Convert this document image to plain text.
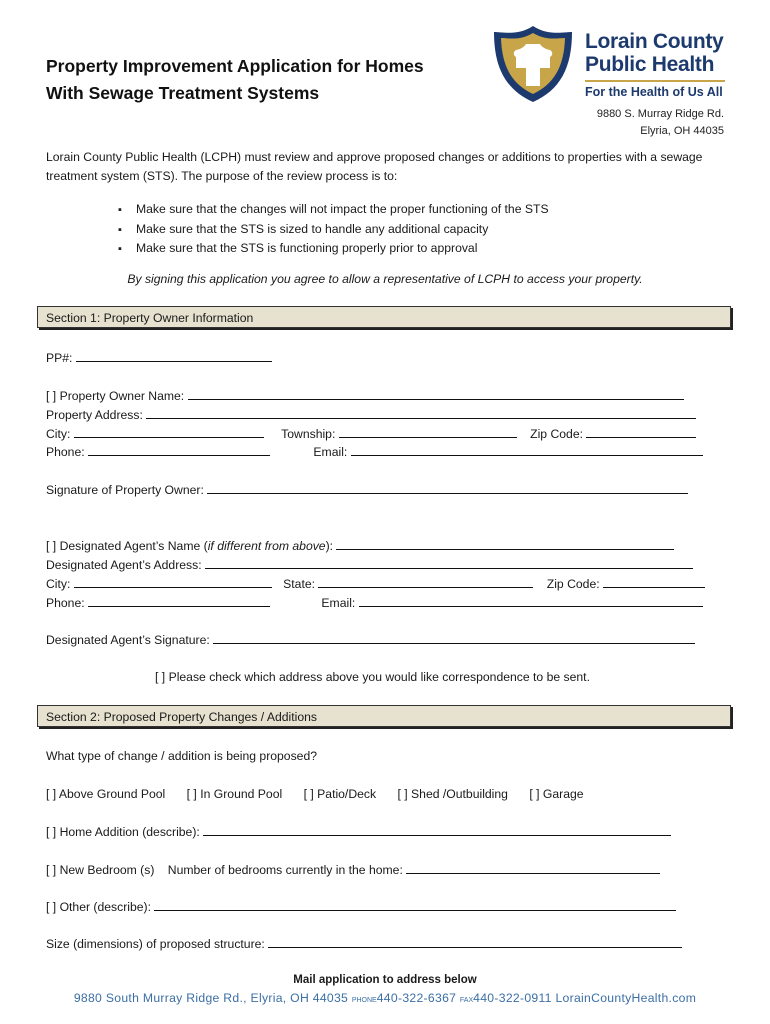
Property Improvement Application for Homes
With Sewage Treatment Systems
Lorain County
Public Health
For the Health of Us All
9880 S. Murray Ridge Rd.
Elyria, OH 44035
Lorain County Public Health (LCPH) must review and approve proposed changes or additions to properties with a sewage treatment system (STS). The purpose of the review process is to:
▪ Make sure that the changes will not impact the proper functioning of the STS
▪ Make sure that the STS is sized to handle any additional capacity
▪ Make sure that the STS is functioning properly prior to approval
By signing this application you agree to allow a representative of LCPH to access your property.
Section 1: Property Owner Information
PP#:
[ ] Property Owner Name:
Property Address:
City:	Township:	Zip Code:
Phone:	Email:
Signature of Property Owner:
[ ] Designated Agent’s Name (if different from above):
Designated Agent’s Address:
City:	State:	Zip Code:
Phone:	Email:
Designated Agent’s Signature:
[ ] Please check which address above you would like correspondence to be sent.
Section 2: Proposed Property Changes / Additions
What type of change / addition is being proposed?
[ ] Above Ground Pool [ ] In Ground Pool [ ] Patio/Deck [ ] Shed /Outbuilding [ ] Garage
[ ] Home Addition (describe):
[ ] New Bedroom (s) Number of bedrooms currently in the home:
[ ] Other (describe):
Size (dimensions) of proposed structure:
Mail application to address below
9880 South Murray Ridge Rd., Elyria, OH 44035 PHONE440-322-6367 FAX440-322-0911 LorainCountyHealth.com
